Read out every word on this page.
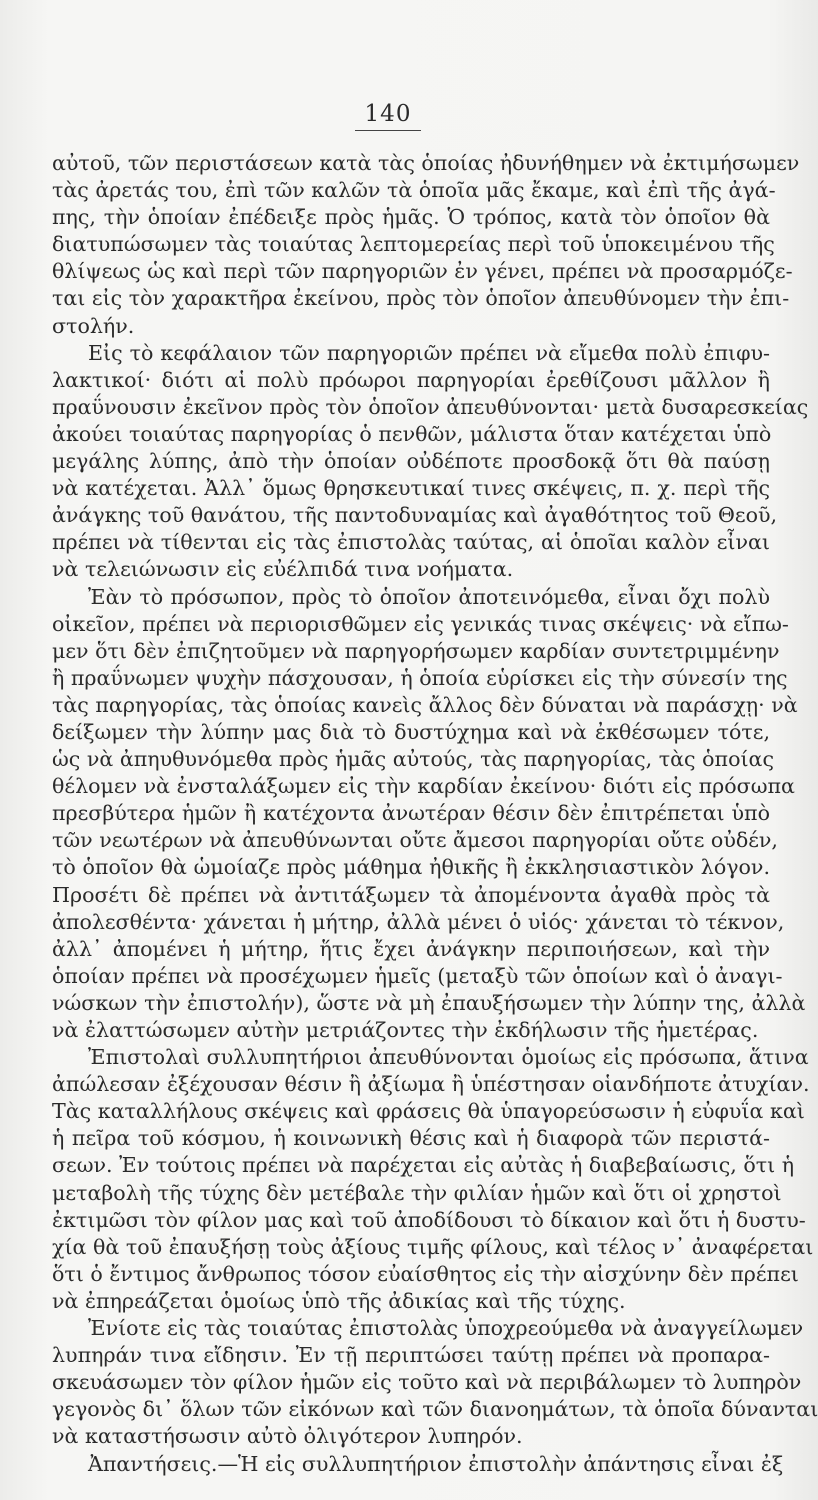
140
αὐτοῦ, τῶν περιστάσεων κατὰ τὰς ὁποίας ἠδυνήθημεν νὰ ἐκτιμήσωμεν
τὰς ἀρετάς του, ἐπὶ τῶν καλῶν τὰ ὁποῖα μᾶς ἔκαμε, καὶ ἐπὶ τῆς ἀγά-
πης, τὴν ὁποίαν ἐπέδειξε πρὸς ἡμᾶς. Ὁ τρόπος, κατὰ τὸν ὁποῖον θὰ
διατυπώσωμεν τὰς τοιαύτας λεπτομερείας περὶ τοῦ ὑποκειμένου τῆς
θλίψεως ὡς καὶ περὶ τῶν παρηγοριῶν ἐν γένει, πρέπει νὰ προσαρμόζε-
ται εἰς τὸν χαρακτῆρα ἐκείνου, πρὸς τὸν ὁποῖον ἀπευθύνομεν τὴν ἐπι-
στολήν.
Εἰς τὸ κεφάλαιον τῶν παρηγοριῶν πρέπει νὰ εἴμεθα πολὺ ἐπιφυ-
λακτικοί· διότι αἱ πολὺ πρόωροι παρηγορίαι ἐρεθίζουσι μᾶλλον ἢ
πραΰνουσιν ἐκεῖνον πρὸς τὸν ὁποῖον ἀπευθύνονται· μετὰ δυσαρεσκείας
ἀκούει τοιαύτας παρηγορίας ὁ πενθῶν, μάλιστα ὅταν κατέχεται ὑπὸ
μεγάλης λύπης, ἀπὸ τὴν ὁποίαν οὐδέποτε προσδοκᾷ ὅτι θὰ παύσῃ
νὰ κατέχεται. Ἀλλ᾽ ὅμως θρησκευτικαί τινες σκέψεις, π. χ. περὶ τῆς
ἀνάγκης τοῦ θανάτου, τῆς παντοδυναμίας καὶ ἀγαθότητος τοῦ Θεοῦ,
πρέπει νὰ τίθενται εἰς τὰς ἐπιστολὰς ταύτας, αἱ ὁποῖαι καλὸν εἶναι
νὰ τελειώνωσιν εἰς εὐέλπιδά τινα νοήματα.
Ἐὰν τὸ πρόσωπον, πρὸς τὸ ὁποῖον ἀποτεινόμεθα, εἶναι ὄχι πολὺ
οἰκεῖον, πρέπει νὰ περιορισθῶμεν εἰς γενικάς τινας σκέψεις· νὰ εἴπω-
μεν ὅτι δὲν ἐπιζητοῦμεν νὰ παρηγορήσωμεν καρδίαν συντετριμμένην
ἢ πραΰνωμεν ψυχὴν πάσχουσαν, ἡ ὁποία εὑρίσκει εἰς τὴν σύνεσίν της
τὰς παρηγορίας, τὰς ὁποίας κανεὶς ἄλλος δὲν δύναται νὰ παράσχῃ· νὰ
δείξωμεν τὴν λύπην μας διὰ τὸ δυστύχημα καὶ νὰ ἐκθέσωμεν τότε,
ὡς νὰ ἀπηυθυνόμεθα πρὸς ἡμᾶς αὐτούς, τὰς παρηγορίας, τὰς ὁποίας
θέλομεν νὰ ἐνσταλάξωμεν εἰς τὴν καρδίαν ἐκείνου· διότι εἰς πρόσωπα
πρεσβύτερα ἡμῶν ἢ κατέχοντα ἀνωτέραν θέσιν δὲν ἐπιτρέπεται ὑπὸ
τῶν νεωτέρων νὰ ἀπευθύνωνται οὔτε ἄμεσοι παρηγορίαι οὔτε οὐδέν,
τὸ ὁποῖον θὰ ὡμοίαζε πρὸς μάθημα ἠθικῆς ἢ ἐκκλησιαστικὸν λόγον.
Προσέτι δὲ πρέπει νὰ ἀντιτάξωμεν τὰ ἀπομένοντα ἀγαθὰ πρὸς τὰ
ἀπολεσθέντα· χάνεται ἡ μήτηρ, ἀλλὰ μένει ὁ υἱός· χάνεται τὸ τέκνον,
ἀλλ᾽ ἀπομένει ἡ μήτηρ, ἥτις ἔχει ἀνάγκην περιποιήσεων, καὶ τὴν
ὁποίαν πρέπει νὰ προσέχωμεν ἡμεῖς (μεταξὺ τῶν ὁποίων καὶ ὁ ἀναγι-
νώσκων τὴν ἐπιστολήν), ὥστε νὰ μὴ ἐπαυξήσωμεν τὴν λύπην της, ἀλλὰ
νὰ ἐλαττώσωμεν αὐτὴν μετριάζοντες τὴν ἐκδήλωσιν τῆς ἡμετέρας.
Ἐπιστολαὶ συλλυπητήριοι ἀπευθύνονται ὁμοίως εἰς πρόσωπα, ἅτινα
ἀπώλεσαν ἐξέχουσαν θέσιν ἢ ἀξίωμα ἢ ὑπέστησαν οἱανδήποτε ἀτυχίαν.
Τὰς καταλλήλους σκέψεις καὶ φράσεις θὰ ὑπαγορεύσωσιν ἡ εὐφυΐα καὶ
ἡ πεῖρα τοῦ κόσμου, ἡ κοινωνικὴ θέσις καὶ ἡ διαφορὰ τῶν περιστά-
σεων. Ἐν τούτοις πρέπει νὰ παρέχεται εἰς αὐτὰς ἡ διαβεβαίωσις, ὅτι ἡ
μεταβολὴ τῆς τύχης δὲν μετέβαλε τὴν φιλίαν ἡμῶν καὶ ὅτι οἱ χρηστοὶ
ἐκτιμῶσι τὸν φίλον μας καὶ τοῦ ἀποδίδουσι τὸ δίκαιον καὶ ὅτι ἡ δυστυ-
χία θὰ τοῦ ἐπαυξήσῃ τοὺς ἀξίους τιμῆς φίλους, καὶ τέλος ν᾽ ἀναφέρεται
ὅτι ὁ ἔντιμος ἄνθρωπος τόσον εὐαίσθητος εἰς τὴν αἰσχύνην δὲν πρέπει
νὰ ἐπηρεάζεται ὁμοίως ὑπὸ τῆς ἀδικίας καὶ τῆς τύχης.
Ἐνίοτε εἰς τὰς τοιαύτας ἐπιστολὰς ὑποχρεούμεθα νὰ ἀναγγείλωμεν
λυπηράν τινα εἴδησιν. Ἐν τῇ περιπτώσει ταύτῃ πρέπει νὰ προπαρα-
σκευάσωμεν τὸν φίλον ἡμῶν εἰς τοῦτο καὶ νὰ περιβάλωμεν τὸ λυπηρὸν
γεγονὸς δι᾽ ὅλων τῶν εἰκόνων καὶ τῶν διανοημάτων, τὰ ὁποῖα δύνανται
νὰ καταστήσωσιν αὐτὸ ὀλιγότερον λυπηρόν.
Ἀπαντήσεις.—Ἡ εἰς συλλυπητήριον ἐπιστολὴν ἀπάντησις εἶναι ἐξ
